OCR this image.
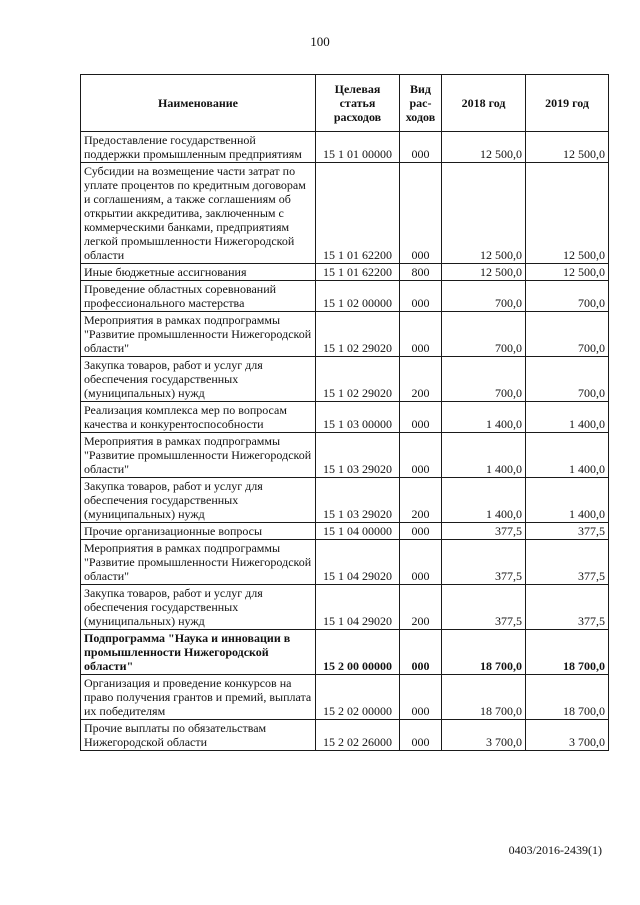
100
Наименование	Целевая статья расходов	Вид рас-ходов	2018 год	2019 год
Предоставление государственной поддержки промышленным предприятиям	15 1 01 00000	000	12 500,0	12 500,0
Субсидии на возмещение части затрат по уплате процентов по кредитным договорам и соглашениям, а также соглашениям об открытии аккредитива, заключенным с коммерческими банками, предприятиям легкой промышленности Нижегородской области	15 1 01 62200	000	12 500,0	12 500,0
Иные бюджетные ассигнования	15 1 01 62200	800	12 500,0	12 500,0
Проведение областных соревнований профессионального мастерства	15 1 02 00000	000	700,0	700,0
Мероприятия в рамках подпрограммы "Развитие промышленности Нижегородской области"	15 1 02 29020	000	700,0	700,0
Закупка товаров, работ и услуг для обеспечения государственных (муниципальных) нужд	15 1 02 29020	200	700,0	700,0
Реализация комплекса мер по вопросам качества и конкурентоспособности	15 1 03 00000	000	1 400,0	1 400,0
Мероприятия в рамках подпрограммы "Развитие промышленности Нижегородской области"	15 1 03 29020	000	1 400,0	1 400,0
Закупка товаров, работ и услуг для обеспечения государственных (муниципальных) нужд	15 1 03 29020	200	1 400,0	1 400,0
Прочие организационные вопросы	15 1 04 00000	000	377,5	377,5
Мероприятия в рамках подпрограммы "Развитие промышленности Нижегородской области"	15 1 04 29020	000	377,5	377,5
Закупка товаров, работ и услуг для обеспечения государственных (муниципальных) нужд	15 1 04 29020	200	377,5	377,5
Подпрограмма "Наука и инновации в промышленности Нижегородской области"	15 2 00 00000	000	18 700,0	18 700,0
Организация и проведение конкурсов на право получения грантов и премий, выплата их победителям	15 2 02 00000	000	18 700,0	18 700,0
Прочие выплаты по обязательствам Нижегородской области	15 2 02 26000	000	3 700,0	3 700,0
0403/2016-2439(1)
